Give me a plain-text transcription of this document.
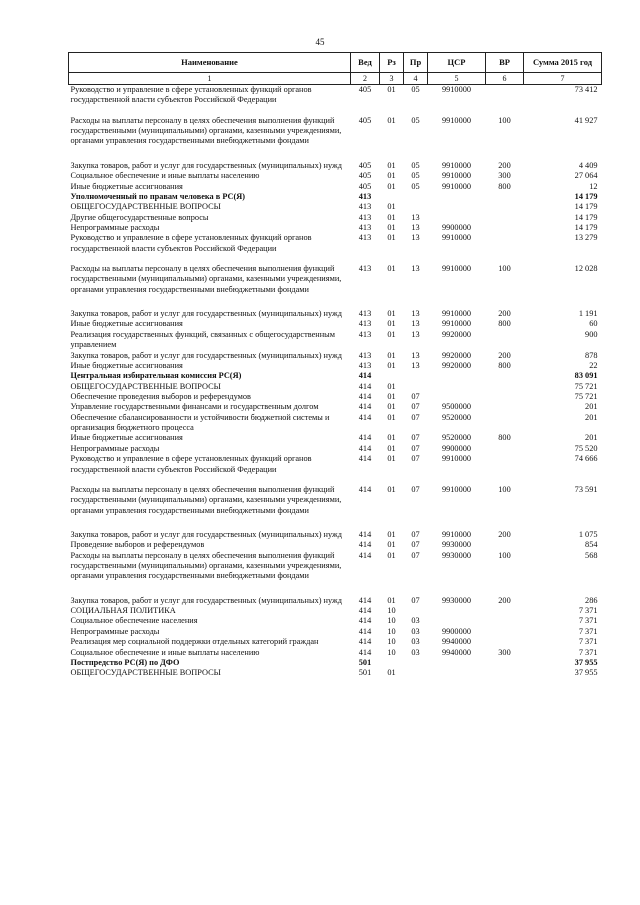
45
Наименование	Вед	Рз	Пр	ЦСР	ВР	Сумма 2015 год
1	2	3	4	5	6	7
Руководство и управление в сфере установленных функций органов государственной власти субъектов Российской Федерации	405	01	05	9910000		73 412
Расходы на выплаты персоналу в целях обеспечения выполнения функций государственными (муниципальными) органами, казенными учреждениями, органами управления государственными внебюджетными фондами	405	01	05	9910000	100	41 927
Закупка товаров, работ и услуг для государственных (муниципальных) нужд	405	01	05	9910000	200	4 409
Социальное обеспечение и иные выплаты населению	405	01	05	9910000	300	27 064
Иные бюджетные ассигнования	405	01	05	9910000	800	12
Уполномоченный по правам человека в РС(Я)	413					14 179
ОБЩЕГОСУДАРСТВЕННЫЕ ВОПРОСЫ	413	01				14 179
Другие общегосударственные вопросы	413	01	13			14 179
Непрограммные расходы	413	01	13	9900000		14 179
Руководство и управление в сфере установленных функций органов государственной власти субъектов Российской Федерации	413	01	13	9910000		13 279
Расходы на выплаты персоналу в целях обеспечения выполнения функций государственными (муниципальными) органами, казенными учреждениями, органами управления государственными внебюджетными фондами	413	01	13	9910000	100	12 028
Закупка товаров, работ и услуг для государственных (муниципальных) нужд	413	01	13	9910000	200	1 191
Иные бюджетные ассигнования	413	01	13	9910000	800	60
Реализация государственных функций, связанных с общегосударственным управлением	413	01	13	9920000		900
Закупка товаров, работ и услуг для государственных (муниципальных) нужд	413	01	13	9920000	200	878
Иные бюджетные ассигнования	413	01	13	9920000	800	22
Центральная избирательная комиссия РС(Я)	414					83 091
ОБЩЕГОСУДАРСТВЕННЫЕ ВОПРОСЫ	414	01				75 721
Обеспечение проведения выборов и референдумов	414	01	07			75 721
Управление государственными финансами и государственным долгом	414	01	07	9500000		201
Обеспечение сбалансированности и устойчивости бюджетной системы и организация бюджетного процесса	414	01	07	9520000		201
Иные бюджетные ассигнования	414	01	07	9520000	800	201
Непрограммные расходы	414	01	07	9900000		75 520
Руководство и управление в сфере установленных функций органов государственной власти субъектов Российской Федерации	414	01	07	9910000		74 666
Расходы на выплаты персоналу в целях обеспечения выполнения функций государственными (муниципальными) органами, казенными учреждениями, органами управления государственными внебюджетными фондами	414	01	07	9910000	100	73 591
Закупка товаров, работ и услуг для государственных (муниципальных) нужд	414	01	07	9910000	200	1 075
Проведение выборов и референдумов	414	01	07	9930000		854
Расходы на выплаты персоналу в целях обеспечения выполнения функций государственными (муниципальными) органами, казенными учреждениями, органами управления государственными внебюджетными фондами	414	01	07	9930000	100	568
Закупка товаров, работ и услуг для государственных (муниципальных) нужд	414	01	07	9930000	200	286
СОЦИАЛЬНАЯ ПОЛИТИКА	414	10				7 371
Социальное обеспечение населения	414	10	03			7 371
Непрограммные расходы	414	10	03	9900000		7 371
Реализация мер социальной поддержки отдельных категорий граждан	414	10	03	9940000		7 371
Социальное обеспечение и иные выплаты населению	414	10	03	9940000	300	7 371
Постпредство РС(Я) по ДФО	501					37 955
ОБЩЕГОСУДАРСТВЕННЫЕ ВОПРОСЫ	501	01				37 955
